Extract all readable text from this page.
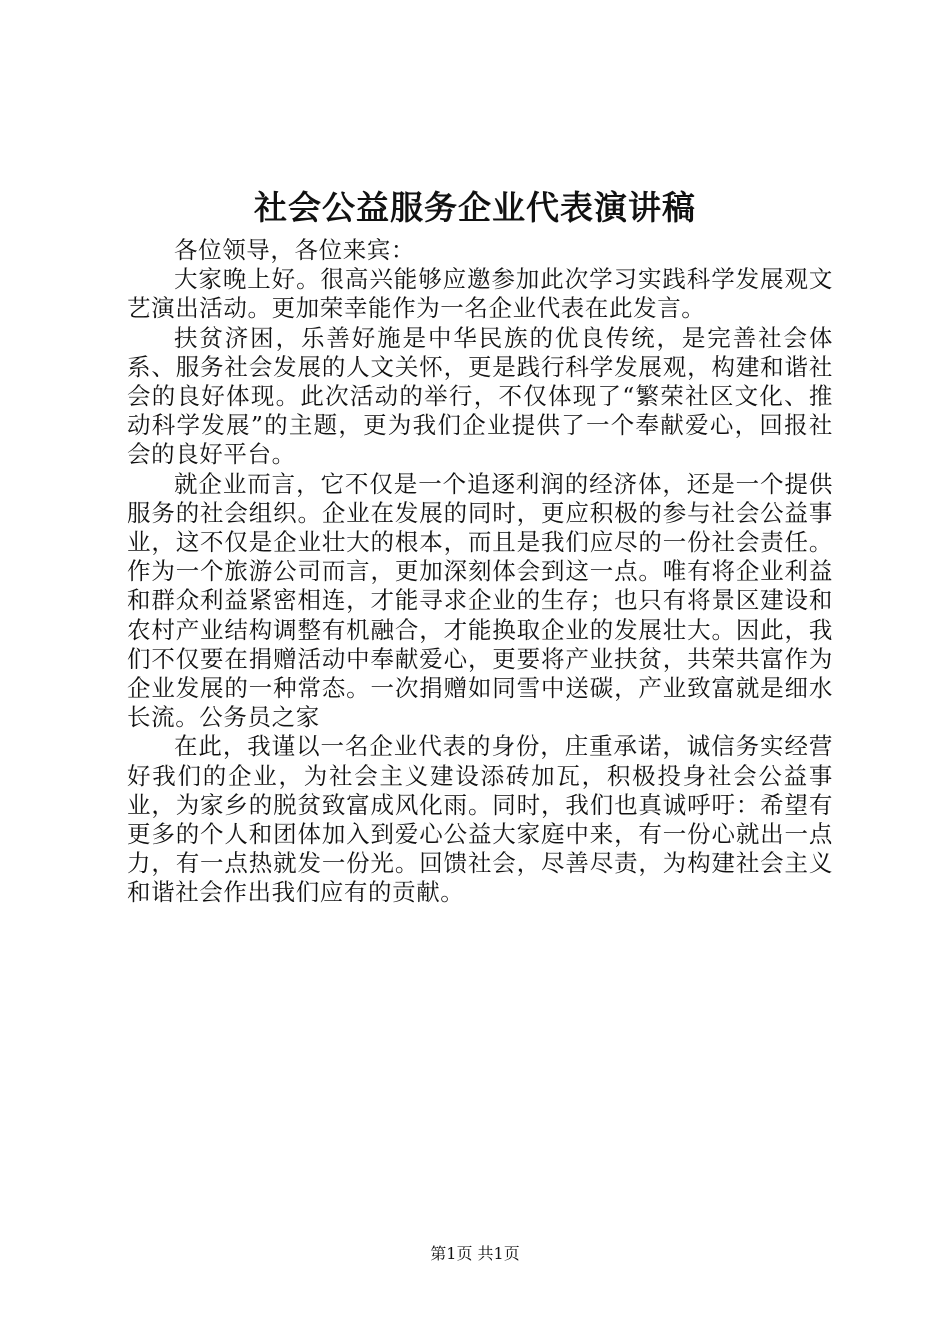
社会公益服务企业代表演讲稿

各位领导，各位来宾：

大家晚上好。很高兴能够应邀参加此次学习实践科学发展观文艺演出活动。更加荣幸能作为一名企业代表在此发言。

扶贫济困，乐善好施是中华民族的优良传统，是完善社会体系、服务社会发展的人文关怀，更是践行科学发展观，构建和谐社会的良好体现。此次活动的举行，不仅体现了“繁荣社区文化、推动科学发展”的主题，更为我们企业提供了一个奉献爱心，回报社会的良好平台。

就企业而言，它不仅是一个追逐利润的经济体，还是一个提供服务的社会组织。企业在发展的同时，更应积极的参与社会公益事业，这不仅是企业壮大的根本，而且是我们应尽的一份社会责任。作为一个旅游公司而言，更加深刻体会到这一点。唯有将企业利益和群众利益紧密相连，才能寻求企业的生存；也只有将景区建设和农村产业结构调整有机融合，才能换取企业的发展壮大。因此，我们不仅要在捐赠活动中奉献爱心，更要将产业扶贫，共荣共富作为企业发展的一种常态。一次捐赠如同雪中送碳，产业致富就是细水长流。公务员之家

在此，我谨以一名企业代表的身份，庄重承诺，诚信务实经营好我们的企业，为社会主义建设添砖加瓦，积极投身社会公益事业，为家乡的脱贫致富成风化雨。同时，我们也真诚呼吁：希望有更多的个人和团体加入到爱心公益大家庭中来，有一份心就出一点力，有一点热就发一份光。回馈社会，尽善尽责，为构建社会主义和谐社会作出我们应有的贡献。

第1页 共1页
